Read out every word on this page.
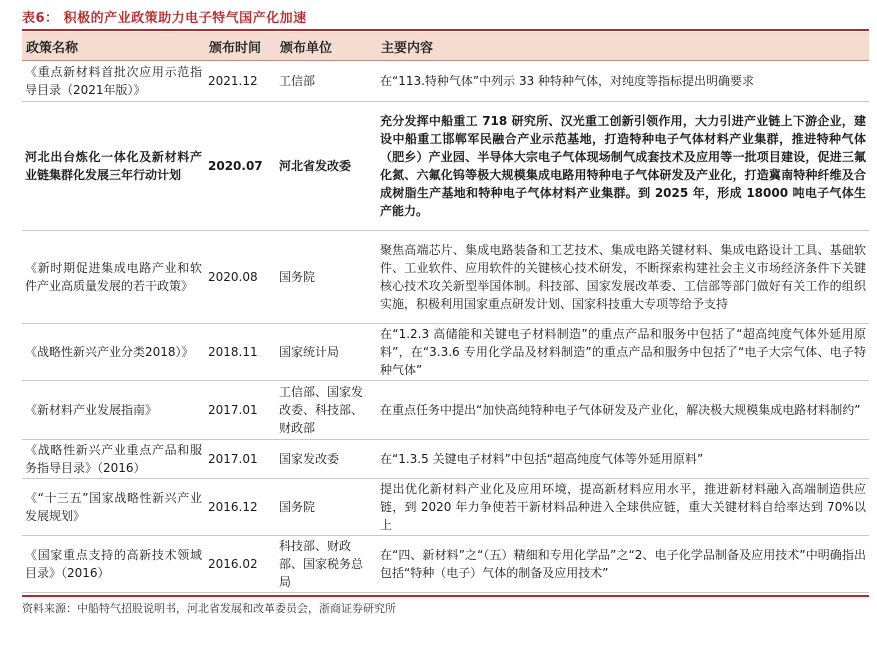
表6： 积极的产业政策助力电子特气国产化加速
政策名称	颁布时间	颁布单位	主要内容
《重点新材料首批次应用示范指导目录（2021年版）》	2021.12	工信部	在“113.特种气体”中列示 33 种特种气体，对纯度等指标提出明确要求
河北出台炼化一体化及新材料产业链集群化发展三年行动计划	2020.07	河北省发改委	充分发挥中船重工 718 研究所、汉光重工创新引领作用，大力引进产业链上下游企业，建设中船重工邯郸军民融合产业示范基地，打造特种电子气体材料产业集群，推进特种气体（肥乡）产业园、半导体大宗电子气体现场制气成套技术及应用等一批项目建设，促进三氟化氮、六氟化钨等极大规模集成电路用特种电子气体研发及产业化，打造冀南特种纤维及合成树脂生产基地和特种电子气体材料产业集群。到 2025 年，形成 18000 吨电子气体生产能力。
《新时期促进集成电路产业和软件产业高质量发展的若干政策》	2020.08	国务院	聚焦高端芯片、集成电路装备和工艺技术、集成电路关键材料、集成电路设计工具、基础软件、工业软件、应用软件的关键核心技术研发，不断探索构建社会主义市场经济条件下关键核心技术攻关新型举国体制。科技部、国家发展改革委、工信部等部门做好有关工作的组织实施，积极利用国家重点研发计划、国家科技重大专项等给予支持
《战略性新兴产业分类2018）》	2018.11	国家统计局	在“1.2.3 高储能和关键电子材料制造”的重点产品和服务中包括了“超高纯度气体外延用原料”，在“3.3.6 专用化学品及材料制造”的重点产品和服务中包括了“电子大宗气体、电子特种气体”
《新材料产业发展指南》	2017.01	工信部、国家发改委、科技部、财政部	在重点任务中提出“加快高纯特种电子气体研发及产业化，解决极大规模集成电路材料制约”
《战略性新兴产业重点产品和服务指导目录》（2016）	2017.01	国家发改委	在“1.3.5 关键电子材料”中包括“超高纯度气体等外延用原料”
《“十三五”国家战略性新兴产业发展规划》	2016.12	国务院	提出优化新材料产业化及应用环境，提高新材料应用水平，推进新材料融入高端制造供应链，到 2020 年力争使若干新材料品种进入全球供应链，重大关键材料自给率达到 70%以上
《国家重点支持的高新技术领域目录》（2016）	2016.02	科技部、财政部、国家税务总局	在“四、新材料”之“（五）精细和专用化学品”之“2、电子化学品制备及应用技术”中明确指出包括“特种（电子）气体的制备及应用技术”
资料来源：中船特气招股说明书，河北省发展和改革委员会，浙商证券研究所
